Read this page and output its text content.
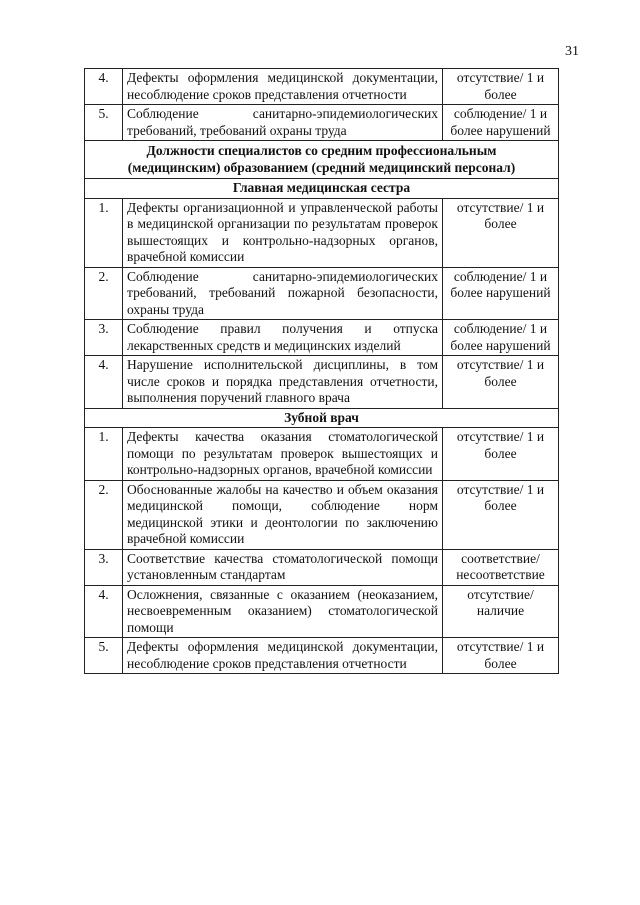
31
4.	Дефекты оформления медицинской документации, несоблюдение сроков представления отчетности	отсутствие/ 1 и более
5.	Соблюдение санитарно-эпидемиологических требований, требований охраны труда	соблюдение/ 1 и более нарушений

Должности специалистов со средним профессиональным
(медицинским) образованием (средний медицинский персонал)		

Главная медицинская сестра		
1.	Дефекты организационной и управленческой работы в медицинской организации по результатам проверок вышестоящих и контрольно-надзорных органов, врачебной комиссии	отсутствие/ 1 и более
2.	Соблюдение санитарно-эпидемиологических требований, требований пожарной безопасности, охраны труда	соблюдение/ 1 и более нарушений
3.	Соблюдение правил получения и отпуска лекарственных средств и медицинских изделий	соблюдение/ 1 и более нарушений
4.	Нарушение исполнительской дисциплины, в том числе сроков и порядка представления отчетности, выполнения поручений главного врача	отсутствие/ 1 и более
Зубной врач		
1.	Дефекты качества оказания стоматологической помощи по результатам проверок вышестоящих и контрольно-надзорных органов, врачебной комиссии	отсутствие/ 1 и более
2.	Обоснованные жалобы на качество и объем оказания медицинской помощи, соблюдение норм медицинской этики и деонтологии по заключению врачебной комиссии	отсутствие/ 1 и более
3.	Соответствие качества стоматологической помощи установленным стандартам	соответствие/ несоответствие
4.	Осложнения, связанные с оказанием (неоказанием, несвоевременным оказанием) стоматологической помощи	отсутствие/ наличие
5.	Дефекты оформления медицинской документации, несоблюдение сроков представления отчетности	отсутствие/ 1 и более
